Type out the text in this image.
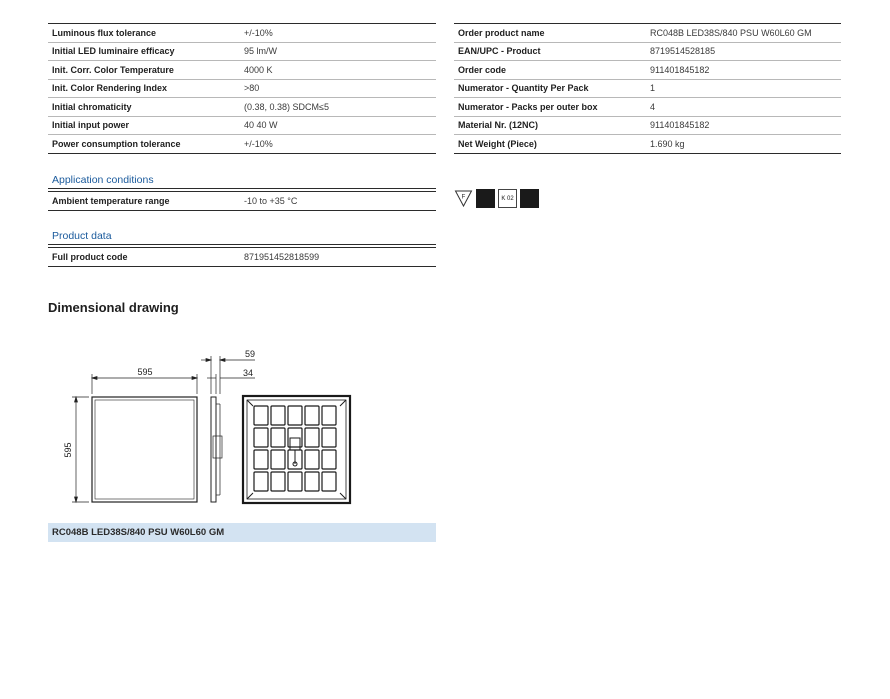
Luminous flux tolerance	+/-10%
Initial LED luminaire efficacy	95 lm/W
Init. Corr. Color Temperature	4000 K
Init. Color Rendering Index	>80
Initial chromaticity	(0.38, 0.38) SDCM≤5
Initial input power	40 40 W
Power consumption tolerance	+/-10%
Order product name	RC048B LED38S/840 PSU W60L60 GM
EAN/UPC - Product	8719514528185
Order code	911401845182
Numerator - Quantity Per Pack	1
Numerator - Packs per outer box	4
Material Nr. (12NC)	911401845182
Net Weight (Piece)	1.690 kg
Application conditions
Ambient temperature range	-10 to +35 °C
Product data
Full product code	871951452818599
F	K 02
Dimensional drawing
595
595
59
34
RC048B LED38S/840 PSU W60L60 GM
